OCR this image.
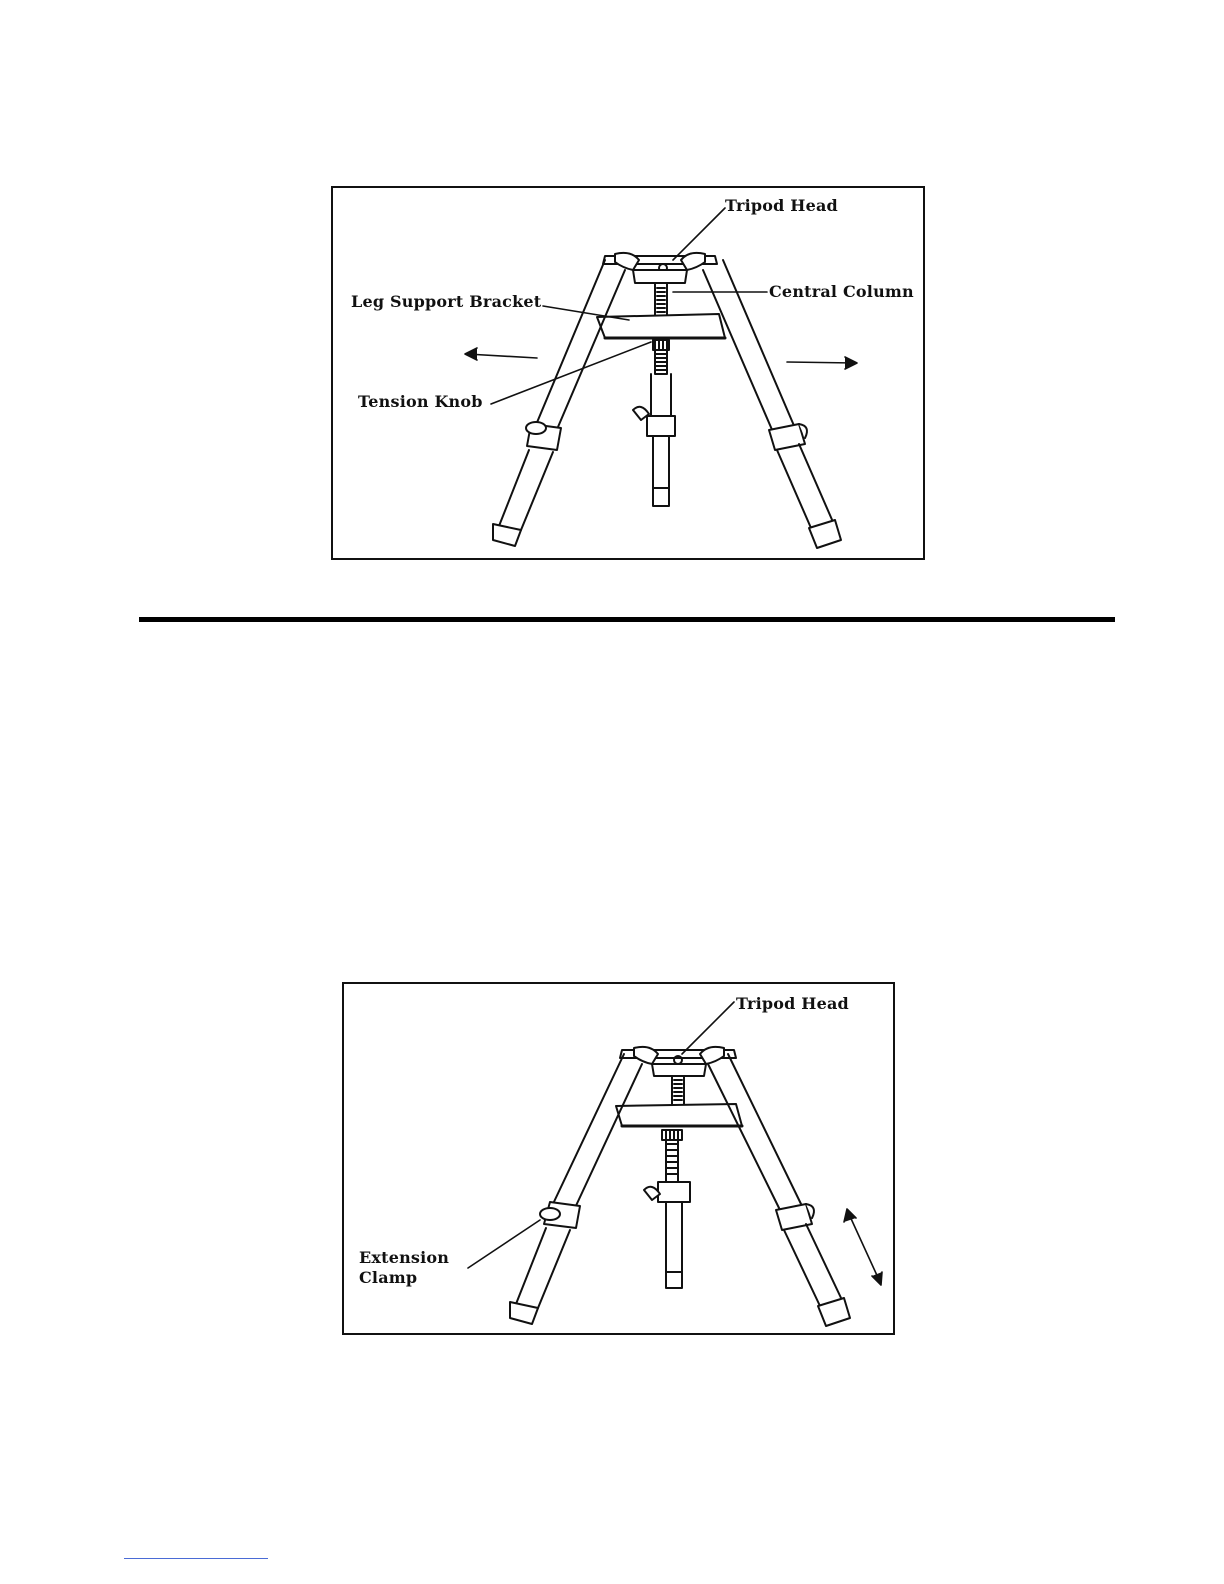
Tripod Head
Central Column
Leg Support Bracket
Tension Knob
Tripod Head
Extension
Clamp
